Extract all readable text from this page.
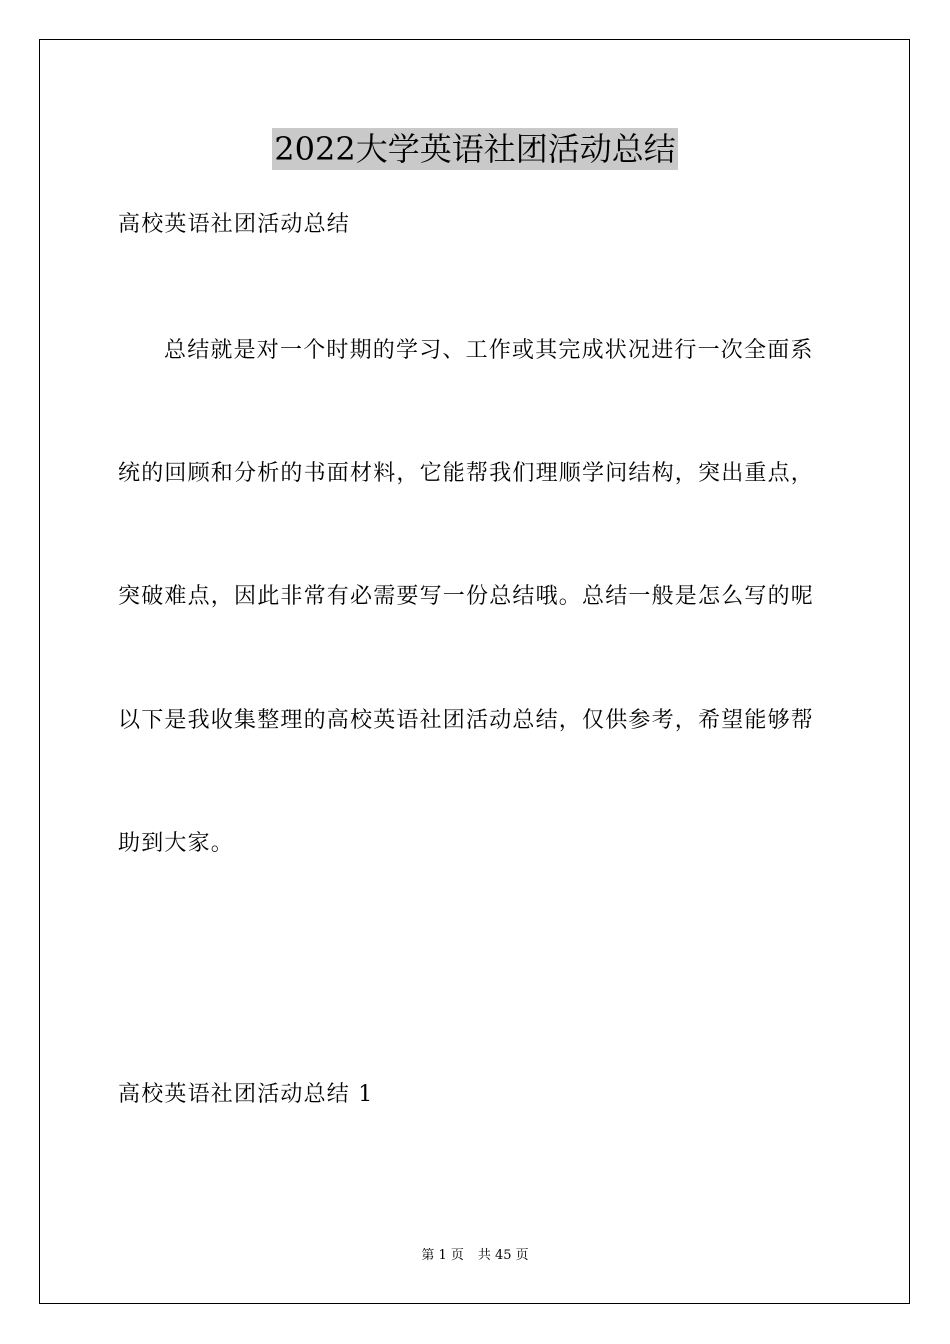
2022大学英语社团活动总结
高校英语社团活动总结
总结就是对一个时期的学习、工作或其完成状况进行一次全面系
统的回顾和分析的书面材料，它能帮我们理顺学问结构，突出重点，
突破难点，因此非常有必需要写一份总结哦。总结一般是怎么写的呢
以下是我收集整理的高校英语社团活动总结，仅供参考，希望能够帮
助到大家。
高校英语社团活动总结 1
第 1 页 共 45 页
